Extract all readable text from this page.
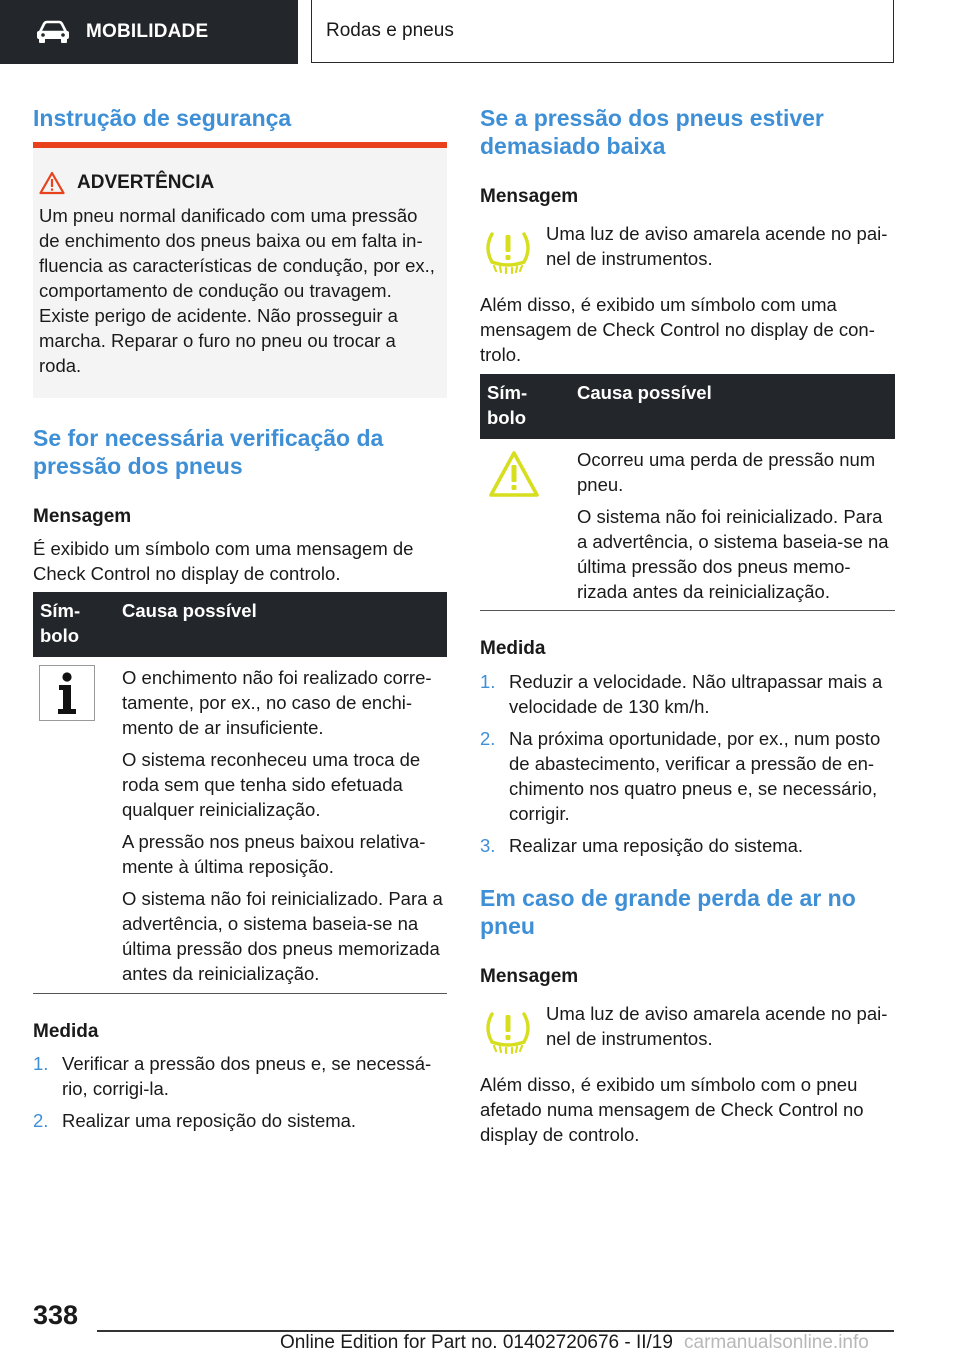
MOBILIDADE	Rodas e pneus
Instrução de segurança
ADVERTÊNCIA

Um pneu normal danificado com uma pressão de enchimento dos pneus baixa ou em falta influencia as características de condução, por ex., comportamento de condução ou travagem. Existe perigo de acidente. Não prosseguir a marcha. Reparar o furo no pneu ou trocar a roda.

Se for necessária verificação da pressão dos pneus
Mensagem

É exibido um símbolo com uma mensagem de Check Control no display de controlo.

Símbolo
Causa possível

O enchimento não foi realizado corretamente, por ex., no caso de enchimento de ar insuficiente.

O sistema reconheceu uma troca de roda sem que tenha sido efetuada qualquer reinicialização.

A pressão nos pneus baixou relativamente à última reposição.

O sistema não foi reinicializado. Para a advertência, o sistema baseia-se na última pressão dos pneus memorizada antes da reinicialização.

Medida
1. Verificar a pressão dos pneus e, se necessário, corrigi-la.
2. Realizar uma reposição do sistema.
Se a pressão dos pneus estiver demasiado baixa
Mensagem

Uma luz de aviso amarela acende no painel de instrumentos.

Além disso, é exibido um símbolo com uma mensagem de Check Control no display de controlo.

Símbolo
Causa possível

Ocorreu uma perda de pressão num pneu.

O sistema não foi reinicializado. Para a advertência, o sistema baseia-se na última pressão dos pneus memorizada antes da reinicialização.

Medida
1. Reduzir a velocidade. Não ultrapassar mais a velocidade de 130 km/h.
2. Na próxima oportunidade, por ex., num posto de abastecimento, verificar a pressão de enchimento nos quatro pneus e, se necessário, corrigir.
3. Realizar uma reposição do sistema.
Em caso de grande perda de ar no pneu
Mensagem

Uma luz de aviso amarela acende no painel de instrumentos.

Além disso, é exibido um símbolo com o pneu afetado numa mensagem de Check Control no display de controlo.

338
Online Edition for Part no. 01402720676 - II/19 carmanualsonline.info
